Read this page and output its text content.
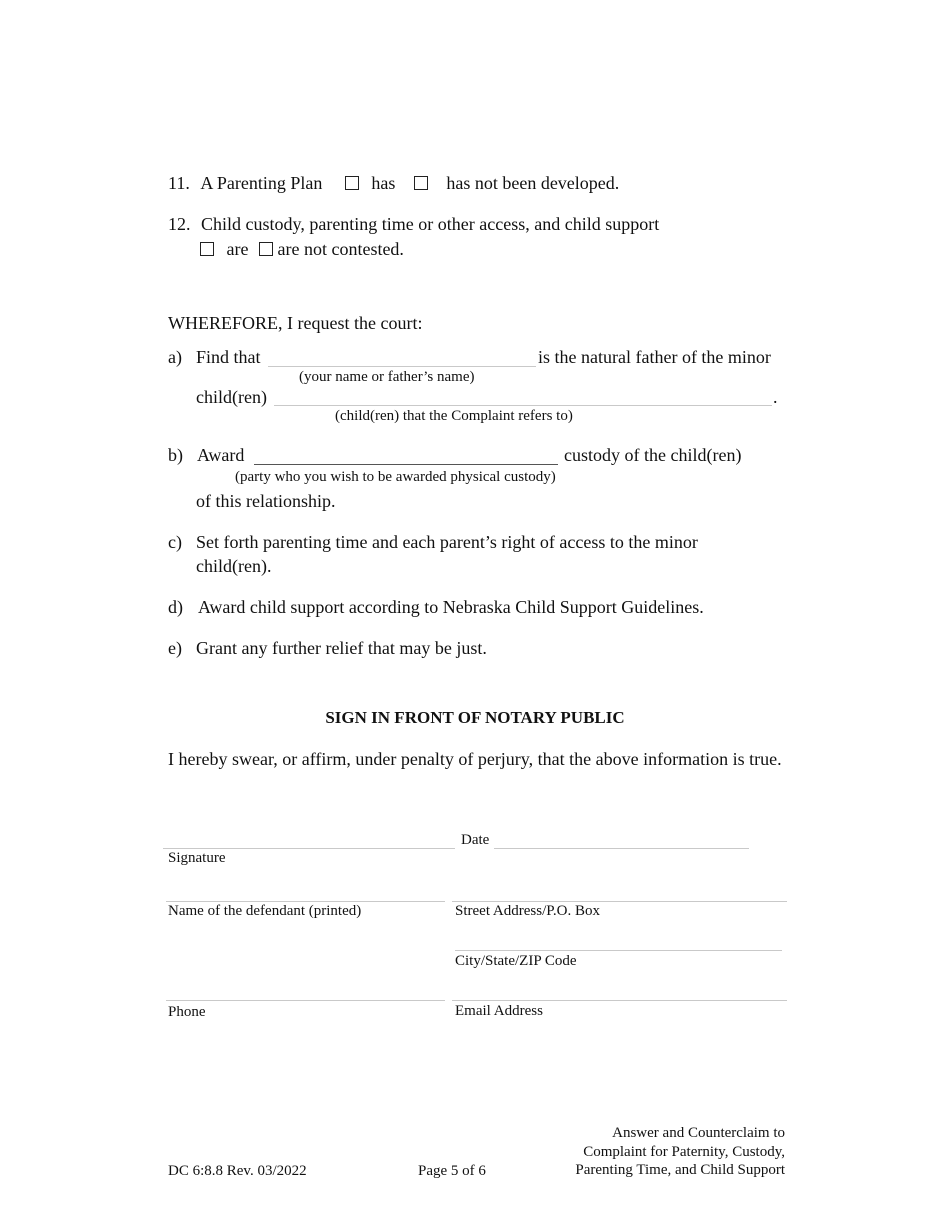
11. A Parenting Plan	has	has not been developed.
12. Child custody, parenting time or other access, and child support
are are not contested.
WHEREFORE, I request the court:
a) Find that	is the natural father of the minor
(your name or father’s name)
child(ren)	.
(child(ren) that the Complaint refers to)
b) Award	custody of the child(ren)
(party who you wish to be awarded physical custody)
of this relationship.
c) Set forth parenting time and each parent’s right of access to the minor
child(ren).
d) Award child support according to Nebraska Child Support Guidelines.
e) Grant any further relief that may be just.
SIGN IN FRONT OF NOTARY PUBLIC
I hereby swear, or affirm, under penalty of perjury, that the above information is true.
Date
Signature
Name of the defendant (printed)	Street Address/P.O. Box
City/State/ZIP Code
Phone	Email Address
DC 6:8.8 Rev. 03/2022	Page 5 of 6
Answer and Counterclaim to
Complaint for Paternity, Custody,
Parenting Time, and Child Support
